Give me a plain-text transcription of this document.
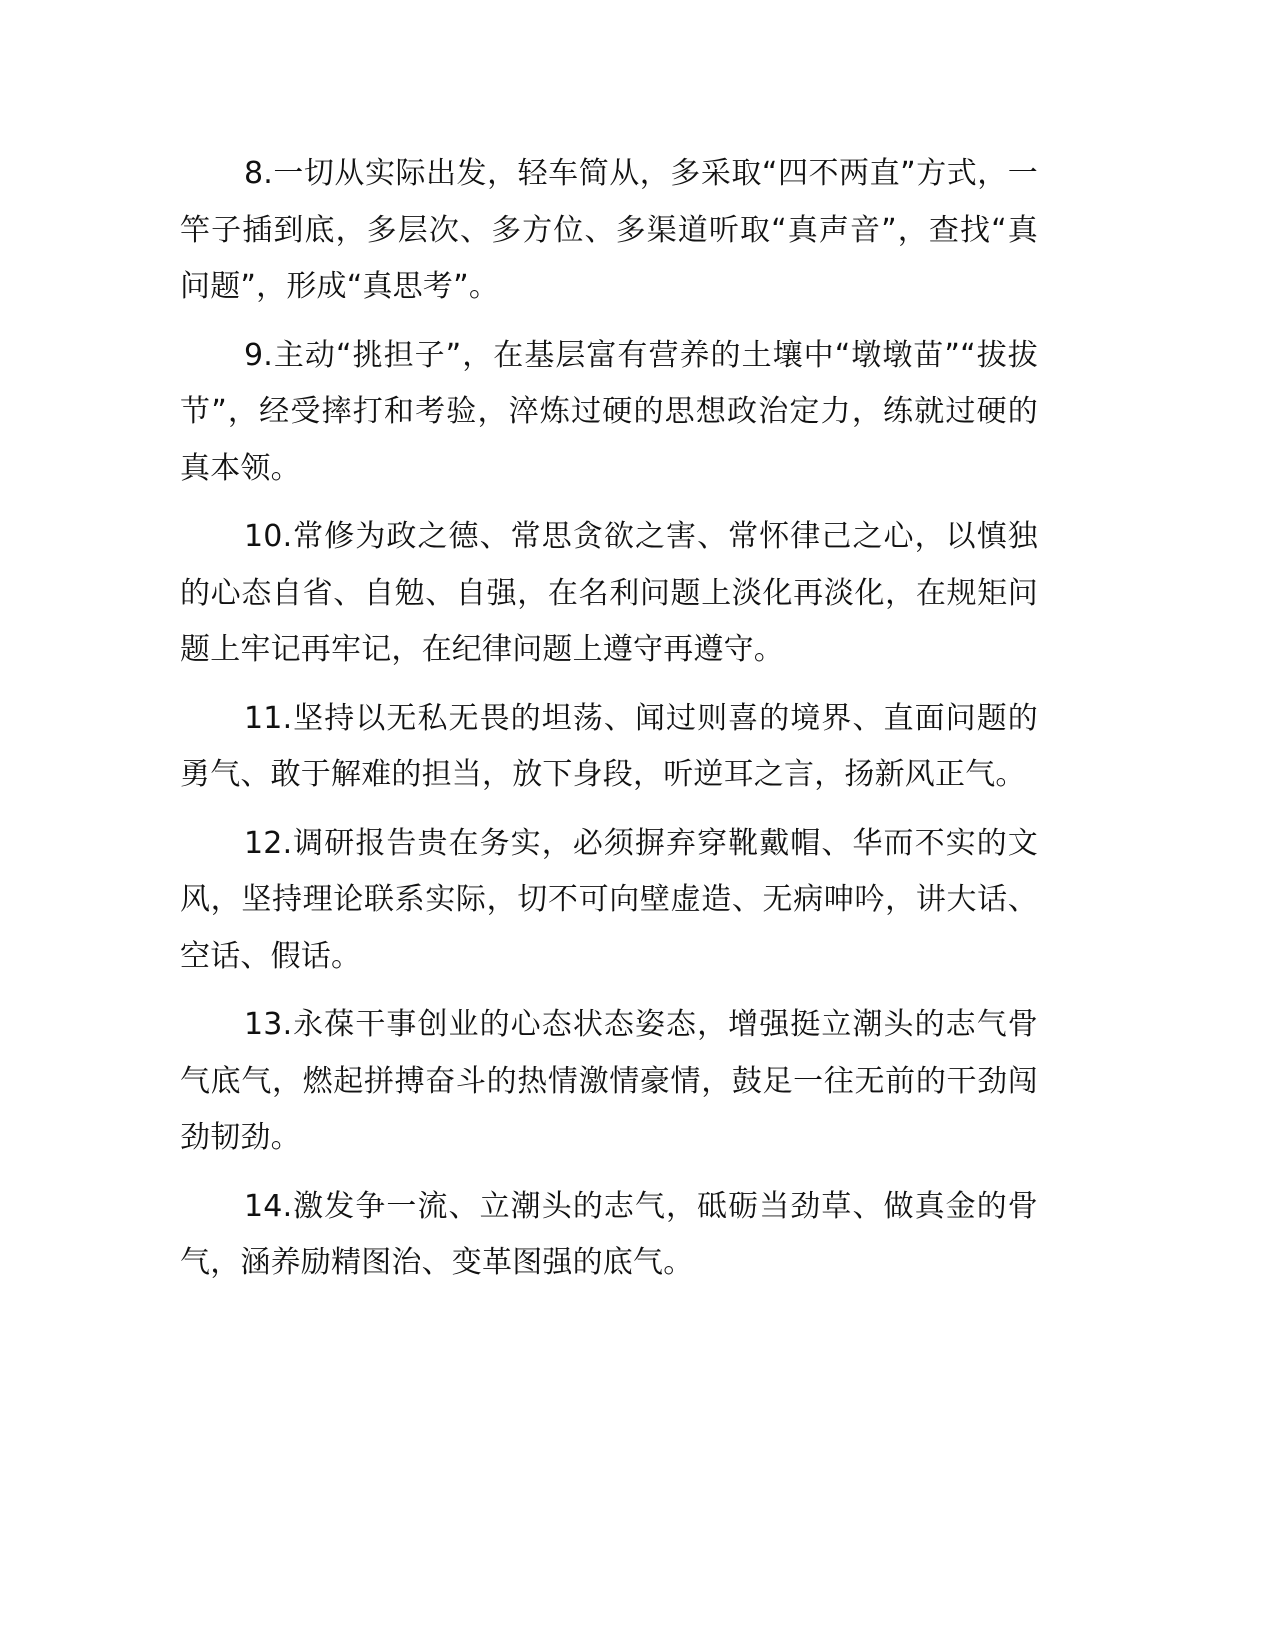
8.一切从实际出发，轻车简从，多采取“四不两直”方式，一竿子插到底，多层次、多方位、多渠道听取“真声音”，查找“真问题”，形成“真思考”。

9.主动“挑担子”，在基层富有营养的土壤中“墩墩苗”“拔拔节”，经受摔打和考验，淬炼过硬的思想政治定力，练就过硬的真本领。

10.常修为政之德、常思贪欲之害、常怀律己之心，以慎独的心态自省、自勉、自强，在名利问题上淡化再淡化，在规矩问题上牢记再牢记，在纪律问题上遵守再遵守。

11.坚持以无私无畏的坦荡、闻过则喜的境界、直面问题的勇气、敢于解难的担当，放下身段，听逆耳之言，扬新风正气。

12.调研报告贵在务实，必须摒弃穿靴戴帽、华而不实的文风，坚持理论联系实际，切不可向壁虚造、无病呻吟，讲大话、空话、假话。

13.永葆干事创业的心态状态姿态，增强挺立潮头的志气骨气底气，燃起拼搏奋斗的热情激情豪情，鼓足一往无前的干劲闯劲韧劲。

14.激发争一流、立潮头的志气，砥砺当劲草、做真金的骨气，涵养励精图治、变革图强的底气。
